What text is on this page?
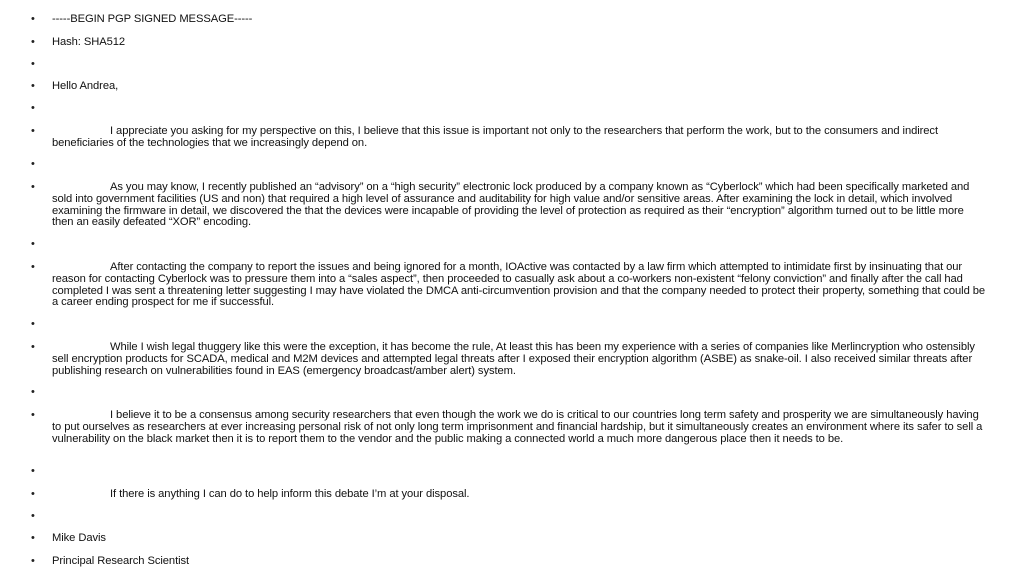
• -----BEGIN PGP SIGNED MESSAGE-----
• Hash: SHA512
• Hello Andrea,
• I appreciate you asking for my perspective on this, I believe that this issue is important not only to the researchers that perform the work, but to the consumers and indirect beneficiaries of the technologies that we increasingly depend on.
• As you may know, I recently published an “advisory” on a “high security” electronic lock produced by a company known as “Cyberlock” which had been specifically marketed and sold into government facilities (US and non) that required a high level of assurance and auditability for high value and/or sensitive areas. After examining the lock in detail, which involved examining the firmware in detail, we discovered the that the devices were incapable of providing the level of protection as required as their “encryption” algorithm turned out to be little more then an easily defeated “XOR” encoding.
• After contacting the company to report the issues and being ignored for a month, IOActive was contacted by a law firm which attempted to intimidate first by insinuating that our reason for contacting Cyberlock was to pressure them into a “sales aspect”, then proceeded to casually ask about a co-workers non-existent “felony conviction” and finally after the call had completed I was sent a threatening letter suggesting I may have violated the DMCA anti-circumvention provision and that the company needed to protect their property, something that could be a career ending prospect for me if successful.
• While I wish legal thuggery like this were the exception, it has become the rule, At least this has been my experience with a series of companies like Merlincryption who ostensibly sell encryption products for SCADA, medical and M2M devices and attempted legal threats after I exposed their encryption algorithm (ASBE) as snake-oil. I also received similar threats after publishing research on vulnerabilities found in EAS (emergency broadcast/amber alert) system.
• I believe it to be a consensus among security researchers that even though the work we do is critical to our countries long term safety and prosperity we are simultaneously having to put ourselves as researchers at ever increasing personal risk of not only long term imprisonment and financial hardship, but it simultaneously creates an environment where its safer to sell a vulnerability on the black market then it is to report them to the vendor and the public making a connected world a much more dangerous place then it needs to be.
• If there is anything I can do to help inform this debate I’m at your disposal.
• Mike Davis
• Principal Research Scientist
